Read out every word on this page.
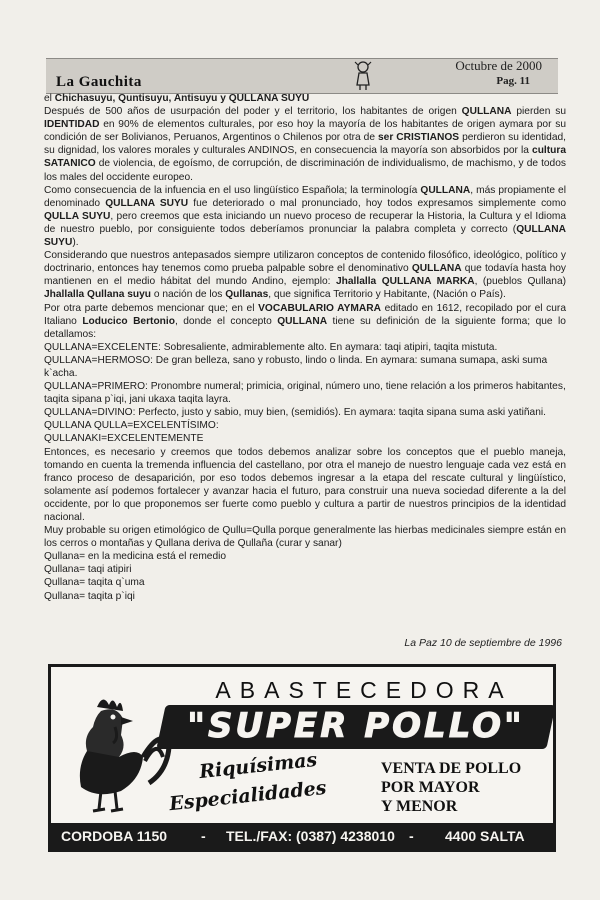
La Gauchita
Octubre de 2000
Pag. 11

el Chichasuyu, Quntisuyu, Antisuyu y QULLANA SUYU

Después de 500 años de usurpación del poder y el territorio, los habitantes de origen QULLANA pierden su IDENTIDAD en 90% de elementos culturales, por eso hoy la mayoría de los habitantes de origen aymara por su condición de ser Bolivianos, Peruanos, Argentinos o Chilenos por otra de ser CRISTIANOS perdieron su identidad, su dignidad, los valores morales y culturales ANDINOS, en consecuencia la mayoría son absorbidos por la cultura SATANICO de violencia, de egoísmo, de corrupción, de discriminación de individualismo, de machismo, y de todos los males del occidente europeo.

Como consecuencia de la infuencia en el uso lingüístico Española; la terminología QULLANA, más propiamente el denominado QULLANA SUYU fue deteriorado o mal pronunciado, hoy todos expresamos simplemente como QULLA SUYU, pero creemos que esta iniciando un nuevo proceso de recuperar la Historia, la Cultura y el Idioma de nuestro pueblo, por consiguiente todos deberíamos pronunciar la palabra completa y correcto (QULLANA SUYU).

Considerando que nuestros antepasados siempre utilizaron conceptos de contenido filosófico, ideológico, político y doctrinario, entonces hay tenemos como prueba palpable sobre el denominativo QULLANA que todavía hasta hoy mantienen en el medio hábitat del mundo Andino, ejemplo: Jhallalla QULLANA MARKA, (pueblos Qullana) Jhallalla Qullana suyu o nación de los Qullanas, que significa Territorio y Habitante, (Nación o País).

Por otra parte debemos mencionar que; en el VOCABULARIO AYMARA editado en 1612, recopilado por el cura Italiano Loducico Bertonio, donde el concepto QULLANA tiene su definición de la siguiente forma; que lo detallamos:

QULLANA=EXCELENTE: Sobresaliente, admirablemente alto. En aymara: taqi atipiri, taqita mistuta.

QULLANA=HERMOSO: De gran belleza, sano y robusto, lindo o linda. En aymara: sumana sumapa, aski suma k`acha.

QULLANA=PRIMERO: Pronombre numeral; primicia, original, número uno, tiene relación a los primeros habitantes, taqita sipana p`iqi, jani ukaxa taqita layra.

QULLANA=DIVINO: Perfecto, justo y sabio, muy bien, (semidiós). En aymara: taqita sipana suma aski yatiñani.

QULLANA QULLA=EXCELENTÍSIMO:

QULLANAKI=EXCELENTEMENTE

Entonces, es necesario y creemos que todos debemos analizar sobre los conceptos que el pueblo maneja, tomando en cuenta la tremenda influencia del castellano, por otra el manejo de nuestro lenguaje cada vez está en franco proceso de desaparición, por eso todos debemos ingresar a la etapa del rescate cultural y lingüístico, solamente así podemos fortalecer y avanzar hacia el futuro, para construir una nueva sociedad diferente a la del occidente, por lo que proponemos ser fuerte como pueblo y cultura a partir de nuestros principios de la identidad nacional.

Muy probable su origen etimológico de Qullu=Qulla porque generalmente las hierbas medicinales siempre están en los cerros o montañas y Qullana deriva de Qullaña (curar y sanar)

Qullana= en la medicina está el remedio

Qullana= taqi atipiri

Qullana= taqita q`uma

Qullana= taqita p`iqi

La Paz 10 de septiembre de 1996
ABASTECEDORA
"SUPER POLLO"
Riquísimas
Especialidades
VENTA DE POLLO
POR MAYOR
Y MENOR
CORDOBA 1150 - TEL./FAX: (0387) 4238010 - 4400 SALTA
